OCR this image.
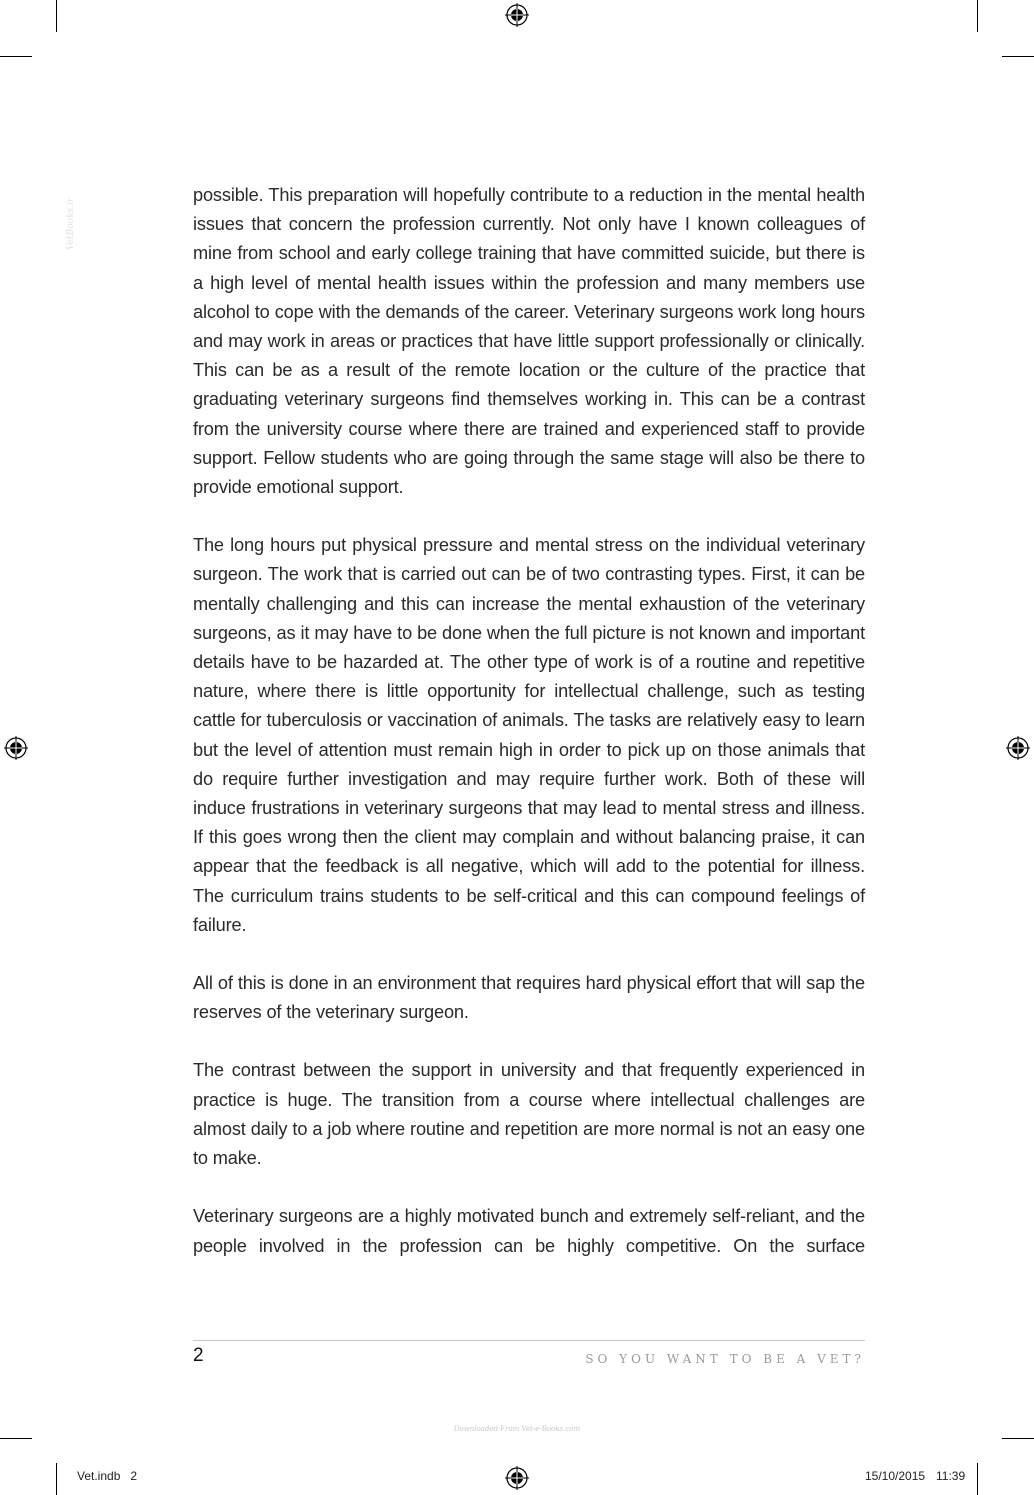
VetBooks.ir
Downloaded From Vet-e-Books.com

possible. This preparation will hopefully contribute to a reduction in the mental health issues that concern the profession currently. Not only have I known colleagues of mine from school and early college training that have committed suicide, but there is a high level of mental health issues within the profession and many members use alcohol to cope with the demands of the career. Veterinary surgeons work long hours and may work in areas or practices that have little support professionally or clinically. This can be as a result of the remote location or the culture of the practice that graduating veterinary surgeons find themselves working in. This can be a contrast from the university course where there are trained and experienced staff to provide support. Fellow students who are going through the same stage will also be there to provide emotional support.

The long hours put physical pressure and mental stress on the individual veterinary surgeon. The work that is carried out can be of two contrasting types. First, it can be mentally challenging and this can increase the mental exhaustion of the veterinary surgeons, as it may have to be done when the full picture is not known and important details have to be hazarded at. The other type of work is of a routine and repetitive nature, where there is little opportunity for intellectual challenge, such as testing cattle for tuberculosis or vaccination of animals. The tasks are relatively easy to learn but the level of attention must remain high in order to pick up on those animals that do require further investigation and may require further work. Both of these will induce frustrations in veterinary surgeons that may lead to mental stress and illness. If this goes wrong then the client may complain and without balancing praise, it can appear that the feedback is all negative, which will add to the potential for illness. The curriculum trains students to be self-critical and this can compound feelings of failure.

All of this is done in an environment that requires hard physical effort that will sap the reserves of the veterinary surgeon.

The contrast between the support in university and that frequently experienced in practice is huge. The transition from a course where intellectual challenges are almost daily to a job where routine and repetition are more normal is not an easy one to make.

Veterinary surgeons are a highly motivated bunch and extremely self-reliant, and the people involved in the profession can be highly competitive. On the surface

2	SO YOU WANT TO BE A VET?
Vet.indb   2	15/10/2015 11:39
